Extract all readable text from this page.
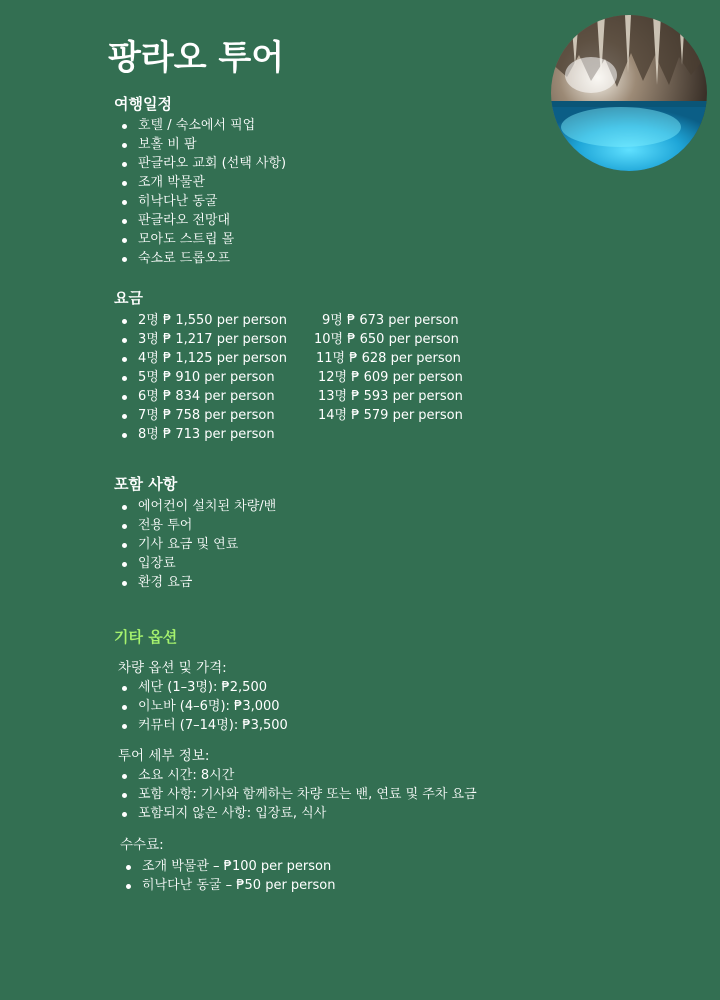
팡라오 투어
여행일정
호텔 / 숙소에서 픽업
보홀 비 팜
판글라오 교회 (선택 사항)
조개 박물관
히낙다난 동굴
판글라오 전망대
모아도 스트립 몰
숙소로 드롭오프
요금
2명 ₱ 1,550 per person
3명 ₱ 1,217 per person
4명 ₱ 1,125 per person
5명 ₱ 910 per person
6명 ₱ 834 per person
7명 ₱ 758 per person
8명 ₱ 713 per person
9명 ₱ 673 per person
10명 ₱ 650 per person
11명 ₱ 628 per person
12명 ₱ 609 per person
13명 ₱ 593 per person
14명 ₱ 579 per person
포함 사항
에어컨이 설치된 차량/밴
전용 투어
기사 요금 및 연료
입장료
환경 요금
기타 옵션
차량 옵션 및 가격:
세단 (1–3명): ₱2,500
이노바 (4–6명): ₱3,000
커뮤터 (7–14명): ₱3,500
투어 세부 정보:
소요 시간: 8시간
포함 사항: 기사와 함께하는 차량 또는 밴, 연료 및 주차 요금
포함되지 않은 사항: 입장료, 식사
수수료:
조개 박물관 – ₱100 per person
히낙다난 동굴 – ₱50 per person
